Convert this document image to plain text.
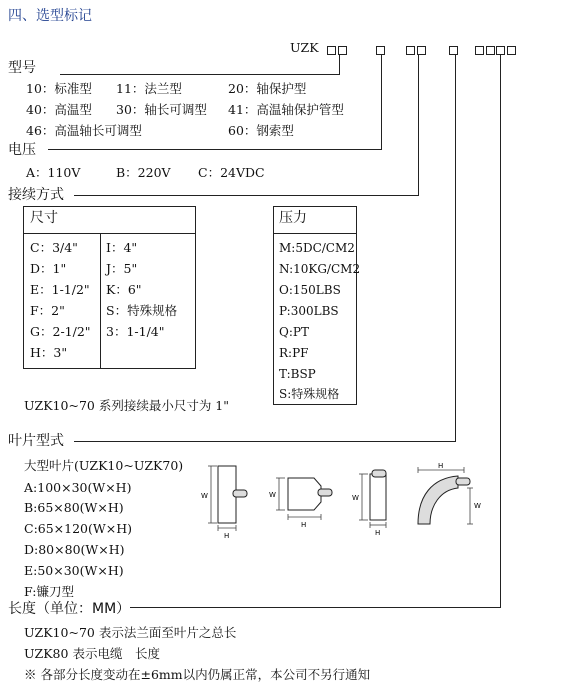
四、选型标记
UZK
型号
10：标准型 11：法兰型	20：轴保护型
40：高温型 30：轴长可调型 41：高温轴保护管型
46：高温轴长可调型	60：钢索型
电压
A：110V	B：220V C：24VDC
接续方式
尺寸
C：3/4"
D：1"
E：1-1/2"
F：2"
G：2-1/2"
H：3"
I：4"
J：5"
K：6"
S：特殊规格
3：1-1/4"
压力
M:5DC/CM2
N:10KG/CM2
O:150LBS
P:300LBS
Q:PT
R:PF
T:BSP
S:特殊规格
UZK10~70 系列接续最小尺寸为 1"
叶片型式
大型叶片(UZK10~UZK70)
A:100×30(W×H)
B:65×80(W×H)
C:65×120(W×H)
D:80×80(W×H)
E:50×30(W×H)
F:镰刀型
W
H
W
H
W
H
H
W
长度（单位：MM）
UZK10~70 表示法兰面至叶片之总长
UZK80 表示电缆　长度
※ 各部分长度变动在±6mm以内仍属正常，本公司不另行通知
